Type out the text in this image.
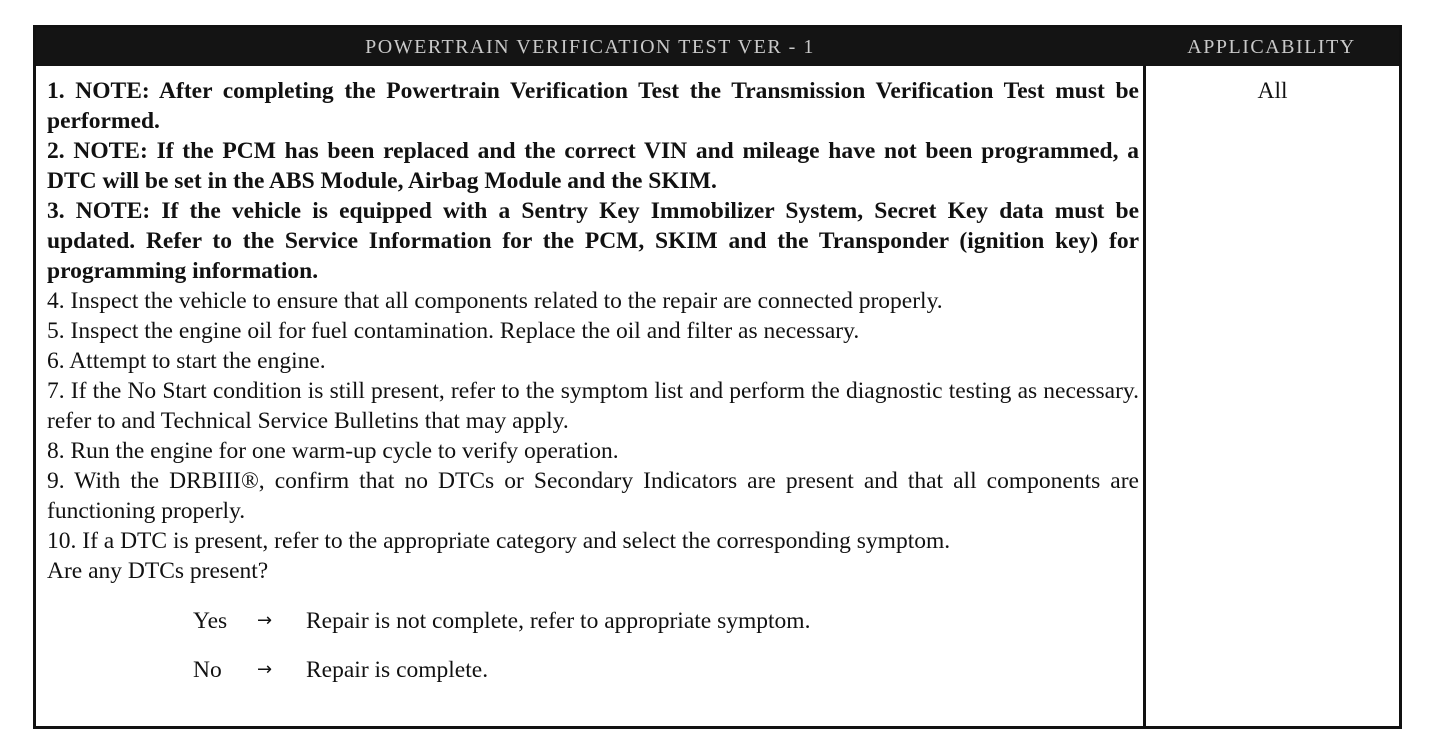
POWERTRAIN VERIFICATION TEST VER - 1	APPLICABILITY
1. NOTE: After completing the Powertrain Verification Test the Transmission Verification Test must be performed.
2. NOTE: If the PCM has been replaced and the correct VIN and mileage have not been programmed, a DTC will be set in the ABS Module, Airbag Module and the SKIM.
3. NOTE: If the vehicle is equipped with a Sentry Key Immobilizer System, Secret Key data must be updated. Refer to the Service Information for the PCM, SKIM and the Transponder (ignition key) for programming information.
4. Inspect the vehicle to ensure that all components related to the repair are connected properly.
5. Inspect the engine oil for fuel contamination. Replace the oil and filter as necessary.
6. Attempt to start the engine.
7. If the No Start condition is still present, refer to the symptom list and perform the diagnostic testing as necessary. refer to and Technical Service Bulletins that may apply.
8. Run the engine for one warm-up cycle to verify operation.
9. With the DRBIII®, confirm that no DTCs or Secondary Indicators are present and that all components are functioning properly.
10. If a DTC is present, refer to the appropriate category and select the corresponding symptom.
Are any DTCs present?
Yes → Repair is not complete, refer to appropriate symptom.
No → Repair is complete.
All
